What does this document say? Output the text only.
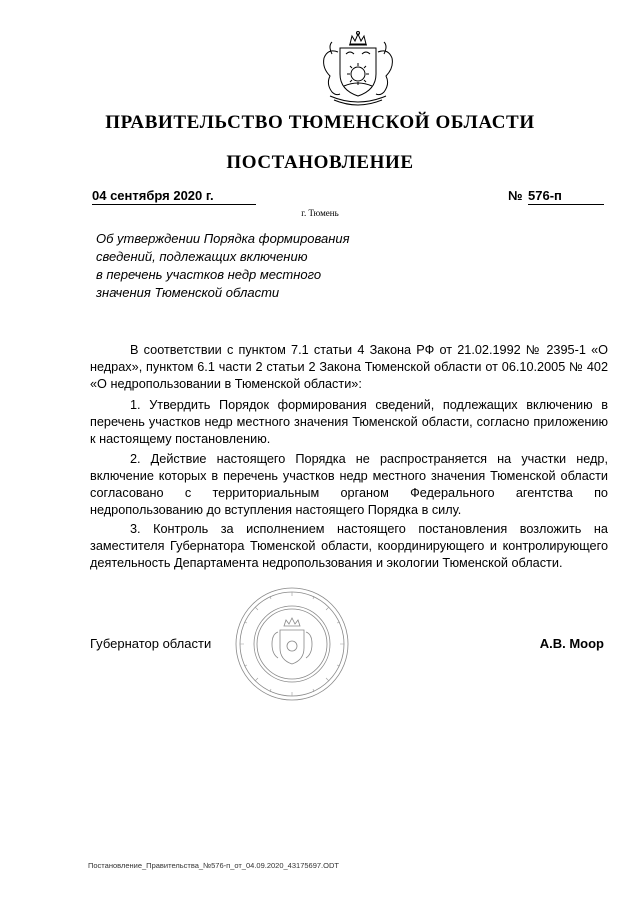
ПРАВИТЕЛЬСТВО ТЮМЕНСКОЙ ОБЛАСТИ
ПОСТАНОВЛЕНИЕ
04 сентября 2020 г.	№ 576-п
г. Тюмень
Об утверждении Порядка формирования
сведений, подлежащих включению
в перечень участков недр местного
значения Тюменской области
В соответствии с пунктом 7.1 статьи 4 Закона РФ от 21.02.1992 № 2395-1 «О недрах», пунктом 6.1 части 2 статьи 2 Закона Тюменской области от 06.10.2005 № 402 «О недропользовании в Тюменской области»:
1. Утвердить Порядок формирования сведений, подлежащих включению в перечень участков недр местного значения Тюменской области, согласно приложению к настоящему постановлению.
2. Действие настоящего Порядка не распространяется на участки недр, включение которых в перечень участков недр местного значения Тюменской области согласовано с территориальным органом Федерального агентства по недропользованию до вступления настоящего Порядка в силу.
3. Контроль за исполнением настоящего постановления возложить на заместителя Губернатора Тюменской области, координирующего и контролирующего деятельность Департамента недропользования и экологии Тюменской области.
Губернатор области	А.В. Моор
Постановление_Правительства_№576-п_от_04.09.2020_43175697.ODT
